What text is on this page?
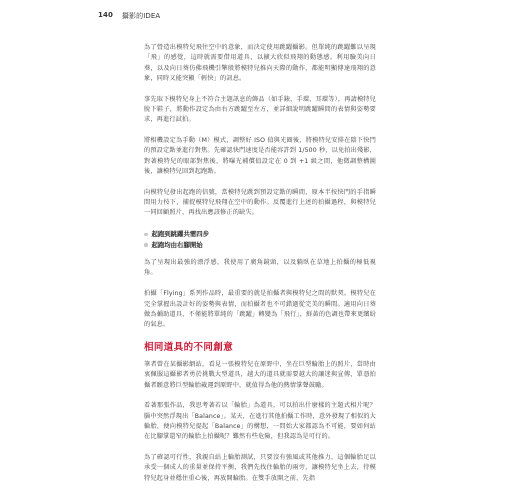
140 攝影的IDEA

為了營造出模特兒飛往空中的意象，而決定使用跳躍攝影。但單純的跳躍難以呈現「飛」的感覺，這時就需要借用道具，以擴大欣似飛翔的動態感。利用驗美向日葵，以及向日葵仿佛飛機引擎般將模特兒推向天際的動作，都能明顯傳達飛翔的意象，同時又能突顯「輕快」的訊息。

事先取下模特兒身上不符合主題訊息的飾品（如手錶、手環、耳環等），再請模特兒脫下鞋子，將動作設定為由右方跳躍至左方，並詳細說明跳躍瞬間的表情與姿勢要求，再進行試拍。

將相機設定為手動（M）模式，調整好 ISO 值與光圈後，將模特兒安排在陰下快門的預設定點並進行對焦。先確認快門速度是否能容許到 1/500 秒，以免拍出殘影，對著模特兒的眼部對焦後，將曝光補償值設定在 0 到 +1 級之間，他微調整構圖後，讓模特兒回到起跑點。

向模特兒發出起跑的信號，當模特兒跳到預設定點的瞬間，原本半按快門的手指瞬間用力按下，捕捉模特兒飛翔在空中的動作。反覆進行上述的拍攝過程，與模特兒一同回顧照片，再找出應該修正的缺失。

起跑到跳躍共需四步
起跑均由右腳開始

為了呈現出最強的漂浮感，我使用了廣角鏡頭，以及躺臥在草地上拍攝的極低視角。

拍攝「Flying」系列作品時，最重要的就是拍攝者與模特兒之間的默契。模特兒在完全掌握出設計好的姿勢與表情，而拍攝者也不可錯過從完美的瞬間。適用向日葵做為輔助道具，不僅能將單純的「跳躍」轉變為「飛行」，鮮黃的色調也帶來更繽紛的氣息。

相同道具的不同創意

筆者曾在某攝影網站，看見一張模特兒在原野中，坐在巨型輪胎上的照片，當時由衷佩服這攝影者勇於挑戰大型道具，越大的道具就需要越大的讓迷與宣傳，單憑拍攝者願意將巨型輪胎載運到原野中，就值得為他的熱情掌聲鼓勵。

看著那張作品，我思考著若以「輪胎」為道具，可以拍出什麼樣的主題式相片呢？腦中突然浮現出「Balance」。某天，在進行其他拍攝工作時，意外發現了相似的大輪胎，便向模特兒提起「Balance」的構想，一問始大家都認為不可能，要如何站在比腳掌還窄的輪胎上拍攝呢？難然有些危險，但我認為是可行的。

為了確認可行性，我親自站上輪胎測試，只要沒有強風或其他推力，這個輪胎足以承受一個成人的重量並保持平衡，我們先找住輪胎的兩旁，讓模特兒坐上去，待模特兒起身並穩住重心後，再放開輪胎。在雙手放開之前，先指
